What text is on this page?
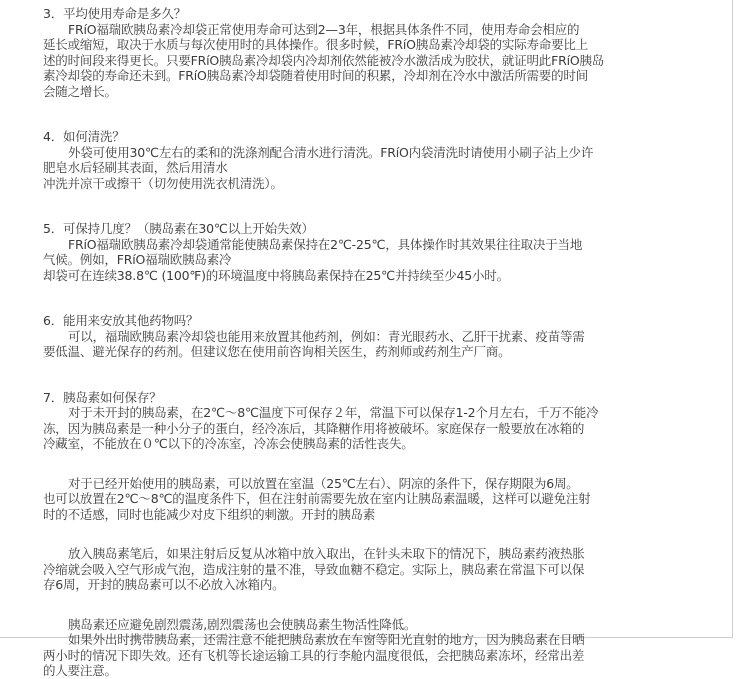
3．平均使用寿命是多久？
FRíO福瑞欧胰岛素冷却袋正常使用寿命可达到2—3年，根据具体条件不同，使用寿命会相应的
延长或缩短，取决于水质与每次使用时的具体操作。很多时候，FRíO胰岛素冷却袋的实际寿命要比上
述的时间段来得更长。只要FRíO胰岛素冷却袋内冷却剂依然能被冷水激活成为胶状，就证明此FRíO胰岛
素冷却袋的寿命还未到。FRíO胰岛素冷却袋随着使用时间的积累，冷却剂在冷水中激活所需要的时间
会随之增长。
4．如何清洗？
外袋可使用30℃左右的柔和的洗涤剂配合清水进行清洗。FRíO内袋清洗时请使用小刷子沾上少许
肥皂水后轻刷其表面，然后用清水
冲洗并凉干或擦干（切勿使用洗衣机清洗）。
5．可保持几度？（胰岛素在30℃以上开始失效）
FRíO福瑞欧胰岛素冷却袋通常能使胰岛素保持在2℃-25℃，具体操作时其效果往往取决于当地
气候。例如，FRíO福瑞欧胰岛素冷
却袋可在连续38.8℃ (100℉)的环境温度中将胰岛素保持在25℃并持续至少45小时。
6．能用来安放其他药物吗？
可以，福瑞欧胰岛素冷却袋也能用来放置其他药剂，例如：青光眼药水、乙肝干扰素、疫苗等需
要低温、避光保存的药剂。但建议您在使用前咨询相关医生，药剂师或药剂生产厂商。
7．胰岛素如何保存？
对于未开封的胰岛素，在2℃～8℃温度下可保存２年，常温下可以保存1-2个月左右，千万不能冷
冻，因为胰岛素是一种小分子的蛋白，经冷冻后，其降糖作用将被破坏。家庭保存一般要放在冰箱的
冷藏室，不能放在０℃以下的冷冻室，冷冻会使胰岛素的活性丧失。
对于已经开始使用的胰岛素，可以放置在室温（25℃左右）、阴凉的条件下，保存期限为6周。
也可以放置在2℃～8℃的温度条件下，但在注射前需要先放在室内让胰岛素温暖，这样可以避免注射
时的不适感，同时也能减少对皮下组织的刺激。开封的胰岛素
放入胰岛素笔后，如果注射后反复从冰箱中放入取出，在针头未取下的情况下，胰岛素药液热胀
冷缩就会吸入空气形成气泡，造成注射的量不准，导致血糖不稳定。实际上，胰岛素在常温下可以保
存6周，开封的胰岛素可以不必放入冰箱内。
胰岛素还应避免剧烈震荡,剧烈震荡也会使胰岛素生物活性降低。
如果外出时携带胰岛素，还需注意不能把胰岛素放在车窗等阳光直射的地方，因为胰岛素在日晒
两小时的情况下即失效。还有飞机等长途运输工具的行李舱内温度很低，会把胰岛素冻坏，经常出差
的人要注意。
